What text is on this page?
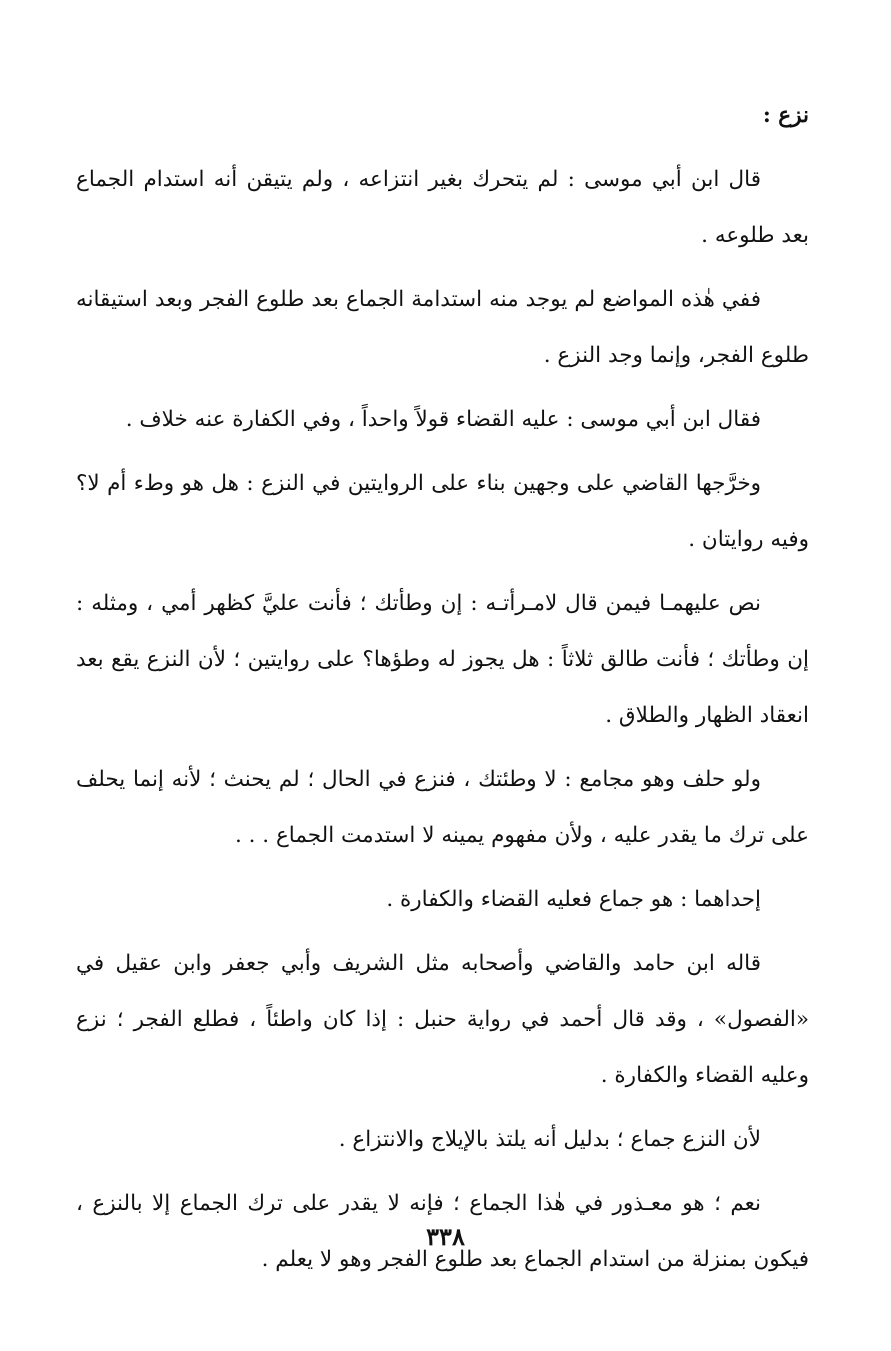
نزع :

قال ابن أبي موسى : لم يتحرك بغير انتزاعه ، ولم يتيقن أنه استدام الجماع بعد طلوعه .

ففي هٰذه المواضع لم يوجد منه استدامة الجماع بعد طلوع الفجر وبعد استيقانه طلوع الفجر، وإنما وجد النزع .

فقال ابن أبي موسى : عليه القضاء قولاً واحداً ، وفي الكفارة عنه خلاف .

وخرَّجها القاضي على وجهين بناء على الروايتين في النزع : هل هو وطء أم لا؟ وفيه روايتان .

نص عليهمـا فيمن قال لامـرأتـه : إن وطأتك ؛ فأنت عليَّ كظهر أمي ، ومثله : إن وطأتك ؛ فأنت طالق ثلاثاً : هل يجوز له وطؤها؟ على روايتين ؛ لأن النزع يقع بعد انعقاد الظهار والطلاق .

ولو حلف وهو مجامع : لا وطئتك ، فنزع في الحال ؛ لم يحنث ؛ لأنه إنما يحلف على ترك ما يقدر عليه ، ولأن مفهوم يمينه لا استدمت الجماع . . .

إحداهما : هو جماع فعليه القضاء والكفارة .

قاله ابن حامد والقاضي وأصحابه مثل الشريف وأبي جعفر وابن عقيل في «الفصول» ، وقد قال أحمد في رواية حنبل : إذا كان واطئاً ، فطلع الفجر ؛ نزع وعليه القضاء والكفارة .

لأن النزع جماع ؛ بدليل أنه يلتذ بالإيلاج والانتزاع .

نعم ؛ هو معـذور في هٰذا الجماع ؛ فإنه لا يقدر على ترك الجماع إلا بالنزع ، فيكون بمنزلة من استدام الجماع بعد طلوع الفجر وهو لا يعلم .

٣٣٨
